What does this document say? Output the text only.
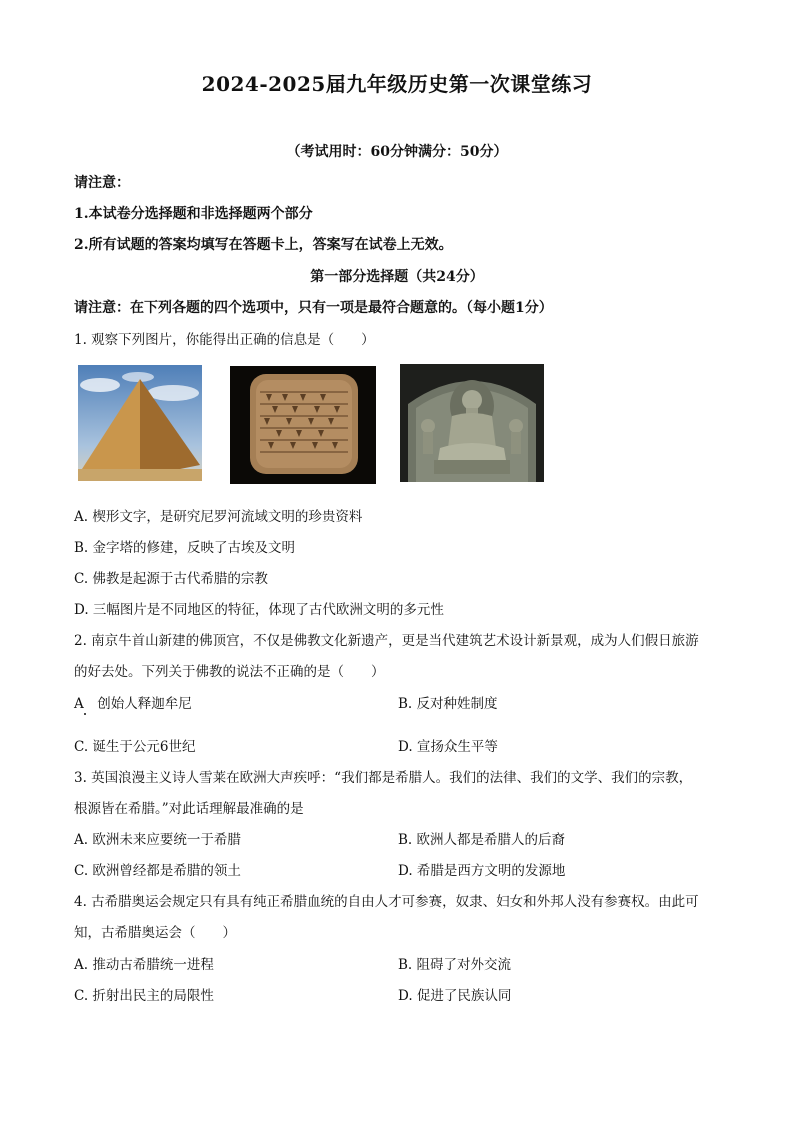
2024-2025届九年级历史第一次课堂练习
（考试用时：60分钟满分：50分）
请注意：
1.本试卷分选择题和非选择题两个部分
2.所有试题的答案均填写在答题卡上，答案写在试卷上无效。
第一部分选择题（共24分）
请注意：在下列各题的四个选项中，只有一项是最符合题意的。（每小题1分）
1. 观察下列图片，你能得出正确的信息是（　　）
A. 楔形文字，是研究尼罗河流域文明的珍贵资料
B. 金字塔的修建，反映了古埃及文明
C. 佛教是起源于古代希腊的宗教
D. 三幅图片是不同地区的特征，体现了古代欧洲文明的多元性
2. 南京牛首山新建的佛顶宫，不仅是佛教文化新遗产，更是当代建筑艺术设计新景观，成为人们假日旅游
的好去处。下列关于佛教的说法不正确的是（　　）
A　创始人释迦牟尼	B. 反对种姓制度
C. 诞生于公元6世纪	D. 宣扬众生平等
3. 英国浪漫主义诗人雪莱在欧洲大声疾呼：“我们都是希腊人。我们的法律、我们的文学、我们的宗教，
根源皆在希腊。”对此话理解最准确的是
A. 欧洲未来应要统一于希腊	B. 欧洲人都是希腊人的后裔
C. 欧洲曾经都是希腊的领土	D. 希腊是西方文明的发源地
4. 古希腊奥运会规定只有具有纯正希腊血统的自由人才可参赛，奴隶、妇女和外邦人没有参赛权。由此可
知，古希腊奥运会（　　）
A. 推动古希腊统一进程	B. 阻碍了对外交流
C. 折射出民主的局限性	D. 促进了民族认同
